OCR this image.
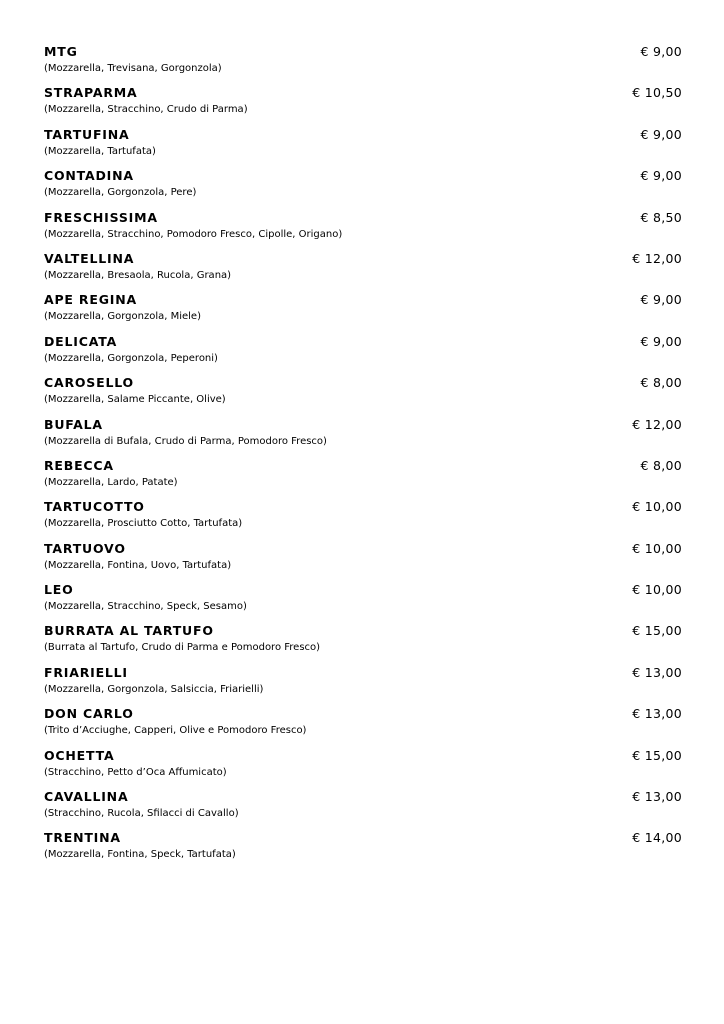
MTG
(Mozzarella, Trevisana, Gorgonzola)
€ 9,00
STRAPARMA
(Mozzarella, Stracchino, Crudo di Parma)
€ 10,50
TARTUFINA
(Mozzarella, Tartufata)
€ 9,00
CONTADINA
(Mozzarella, Gorgonzola, Pere)
€ 9,00
FRESCHISSIMA
(Mozzarella, Stracchino, Pomodoro Fresco, Cipolle, Origano)
€ 8,50
VALTELLINA
(Mozzarella, Bresaola, Rucola, Grana)
€ 12,00
APE REGINA
(Mozzarella, Gorgonzola, Miele)
€ 9,00
DELICATA
(Mozzarella, Gorgonzola, Peperoni)
€ 9,00
CAROSELLO
(Mozzarella, Salame Piccante, Olive)
€ 8,00
BUFALA
(Mozzarella di Bufala, Crudo di Parma, Pomodoro Fresco)
€ 12,00
REBECCA
(Mozzarella, Lardo, Patate)
€ 8,00
TARTUCOTTO
(Mozzarella, Prosciutto Cotto, Tartufata)
€ 10,00
TARTUOVO
(Mozzarella, Fontina, Uovo, Tartufata)
€ 10,00
LEO
(Mozzarella, Stracchino, Speck, Sesamo)
€ 10,00
BURRATA AL TARTUFO
(Burrata al Tartufo, Crudo di Parma e Pomodoro Fresco)
€ 15,00
FRIARIELLI
(Mozzarella, Gorgonzola, Salsiccia, Friarielli)
€ 13,00
DON CARLO
(Trito d’Acciughe, Capperi, Olive e Pomodoro Fresco)
€ 13,00
OCHETTA
(Stracchino, Petto d’Oca Affumicato)
€ 15,00
CAVALLINA
(Stracchino, Rucola, Sfilacci di Cavallo)
€ 13,00
TRENTINA
(Mozzarella, Fontina, Speck, Tartufata)
€ 14,00
